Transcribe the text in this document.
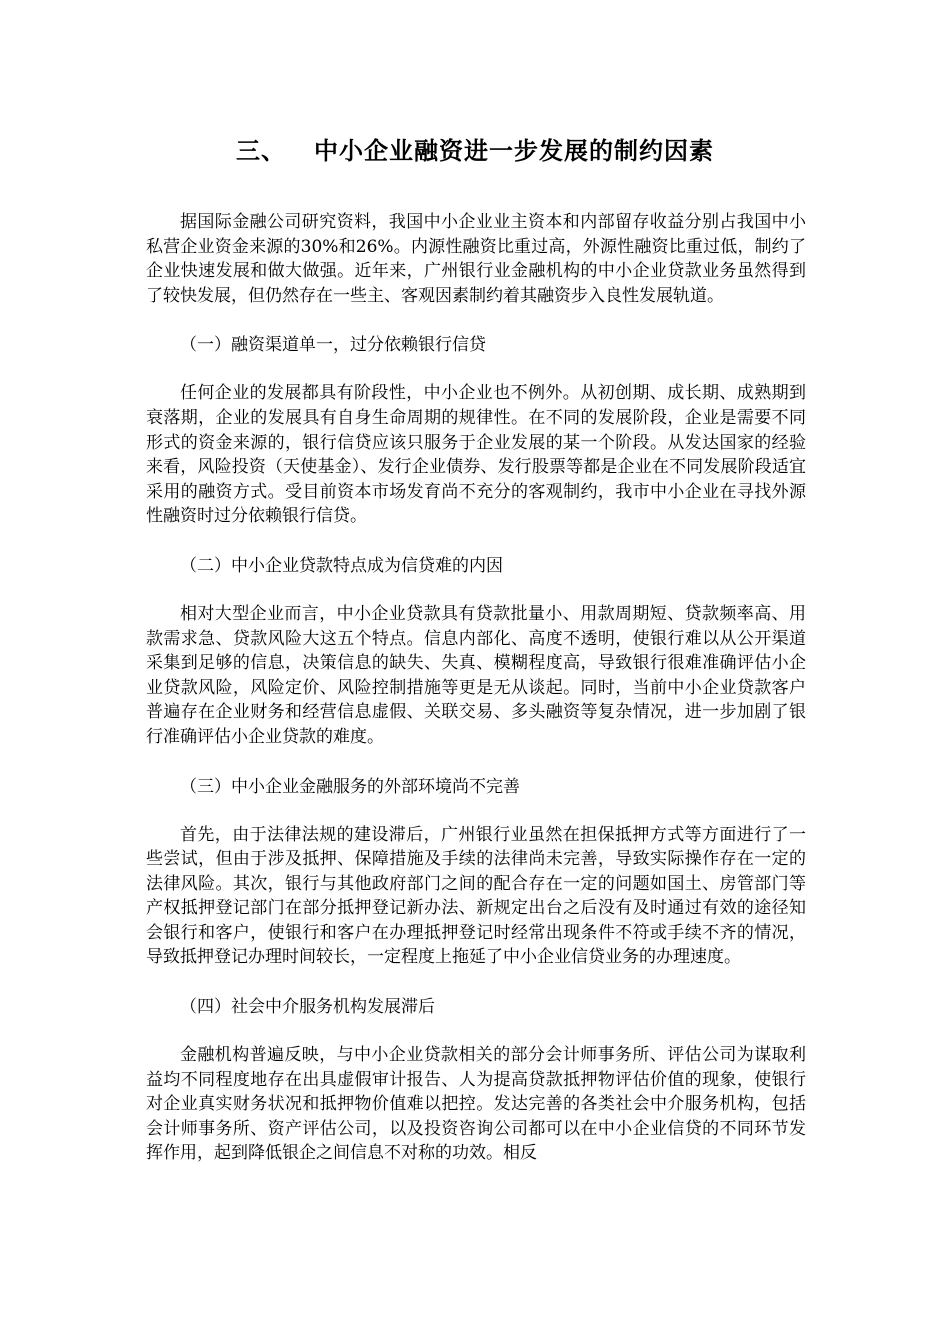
三、   中小企业融资进一步发展的制约因素

据国际金融公司研究资料，我国中小企业业主资本和内部留存收益分别占我国中小私营企业资金来源的30%和26%。内源性融资比重过高，外源性融资比重过低，制约了企业快速发展和做大做强。近年来，广州银行业金融机构的中小企业贷款业务虽然得到了较快发展，但仍然存在一些主、客观因素制约着其融资步入良性发展轨道。

（一）融资渠道单一，过分依赖银行信贷

任何企业的发展都具有阶段性，中小企业也不例外。从初创期、成长期、成熟期到衰落期，企业的发展具有自身生命周期的规律性。在不同的发展阶段，企业是需要不同形式的资金来源的，银行信贷应该只服务于企业发展的某一个阶段。从发达国家的经验来看，风险投资（天使基金）、发行企业债券、发行股票等都是企业在不同发展阶段适宜采用的融资方式。受目前资本市场发育尚不充分的客观制约，我市中小企业在寻找外源性融资时过分依赖银行信贷。

（二）中小企业贷款特点成为信贷难的内因

相对大型企业而言，中小企业贷款具有贷款批量小、用款周期短、贷款频率高、用款需求急、贷款风险大这五个特点。信息内部化、高度不透明，使银行难以从公开渠道采集到足够的信息，决策信息的缺失、失真、模糊程度高，导致银行很难准确评估小企业贷款风险，风险定价、风险控制措施等更是无从谈起。同时，当前中小企业贷款客户普遍存在企业财务和经营信息虚假、关联交易、多头融资等复杂情况，进一步加剧了银行准确评估小企业贷款的难度。

（三）中小企业金融服务的外部环境尚不完善

首先，由于法律法规的建设滞后，广州银行业虽然在担保抵押方式等方面进行了一些尝试，但由于涉及抵押、保障措施及手续的法律尚未完善，导致实际操作存在一定的法律风险。其次，银行与其他政府部门之间的配合存在一定的问题如国土、房管部门等产权抵押登记部门在部分抵押登记新办法、新规定出台之后没有及时通过有效的途径知会银行和客户，使银行和客户在办理抵押登记时经常出现条件不符或手续不齐的情况，导致抵押登记办理时间较长，一定程度上拖延了中小企业信贷业务的办理速度。

（四）社会中介服务机构发展滞后

金融机构普遍反映，与中小企业贷款相关的部分会计师事务所、评估公司为谋取利益均不同程度地存在出具虚假审计报告、人为提高贷款抵押物评估价值的现象，使银行对企业真实财务状况和抵押物价值难以把控。发达完善的各类社会中介服务机构，包括会计师事务所、资产评估公司，以及投资咨询公司都可以在中小企业信贷的不同环节发挥作用，起到降低银企之间信息不对称的功效。相反
